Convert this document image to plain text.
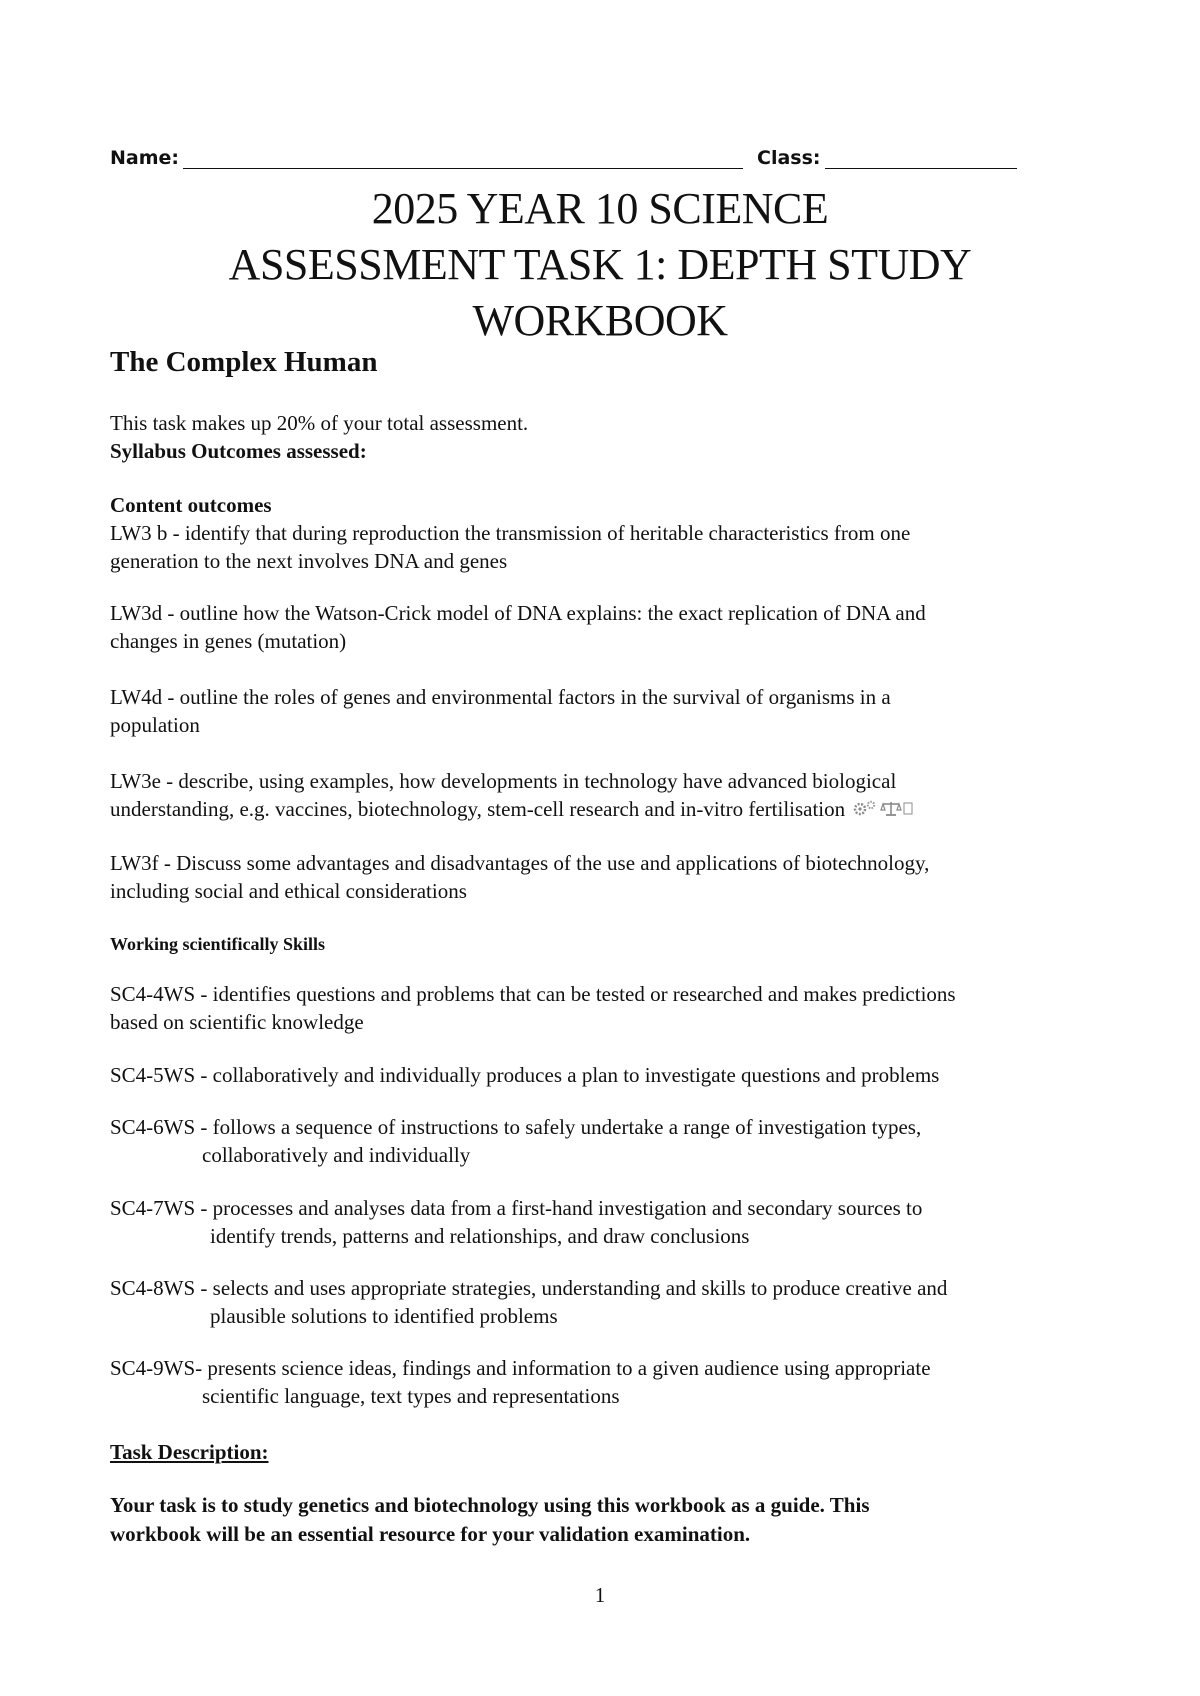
Name:	Class:
2025 YEAR 10 SCIENCE
ASSESSMENT TASK 1: DEPTH STUDY
WORKBOOK
The Complex Human
This task makes up 20% of your total assessment.
Syllabus Outcomes assessed:
Content outcomes
LW3 b - identify that during reproduction the transmission of heritable characteristics from one
generation to the next involves DNA and genes
LW3d - outline how the Watson-Crick model of DNA explains: the exact replication of DNA and
changes in genes (mutation)
LW4d - outline the roles of genes and environmental factors in the survival of organisms in a
population
LW3e - describe, using examples, how developments in technology have advanced biological
understanding, e.g. vaccines, biotechnology, stem-cell research and in-vitro fertilisation
LW3f - Discuss some advantages and disadvantages of the use and applications of biotechnology,
including social and ethical considerations
Working scientifically Skills
SC4-4WS - identifies questions and problems that can be tested or researched and makes predictions
based on scientific knowledge
SC4-5WS - collaboratively and individually produces a plan to investigate questions and problems
SC4-6WS - follows a sequence of instructions to safely undertake a range of investigation types,
collaboratively and individually
SC4-7WS - processes and analyses data from a first-hand investigation and secondary sources to
identify trends, patterns and relationships, and draw conclusions
SC4-8WS - selects and uses appropriate strategies, understanding and skills to produce creative and
plausible solutions to identified problems
SC4-9WS- presents science ideas, findings and information to a given audience using appropriate
scientific language, text types and representations
Task Description:
Your task is to study genetics and biotechnology using this workbook as a guide. This
workbook will be an essential resource for your validation examination.
1
